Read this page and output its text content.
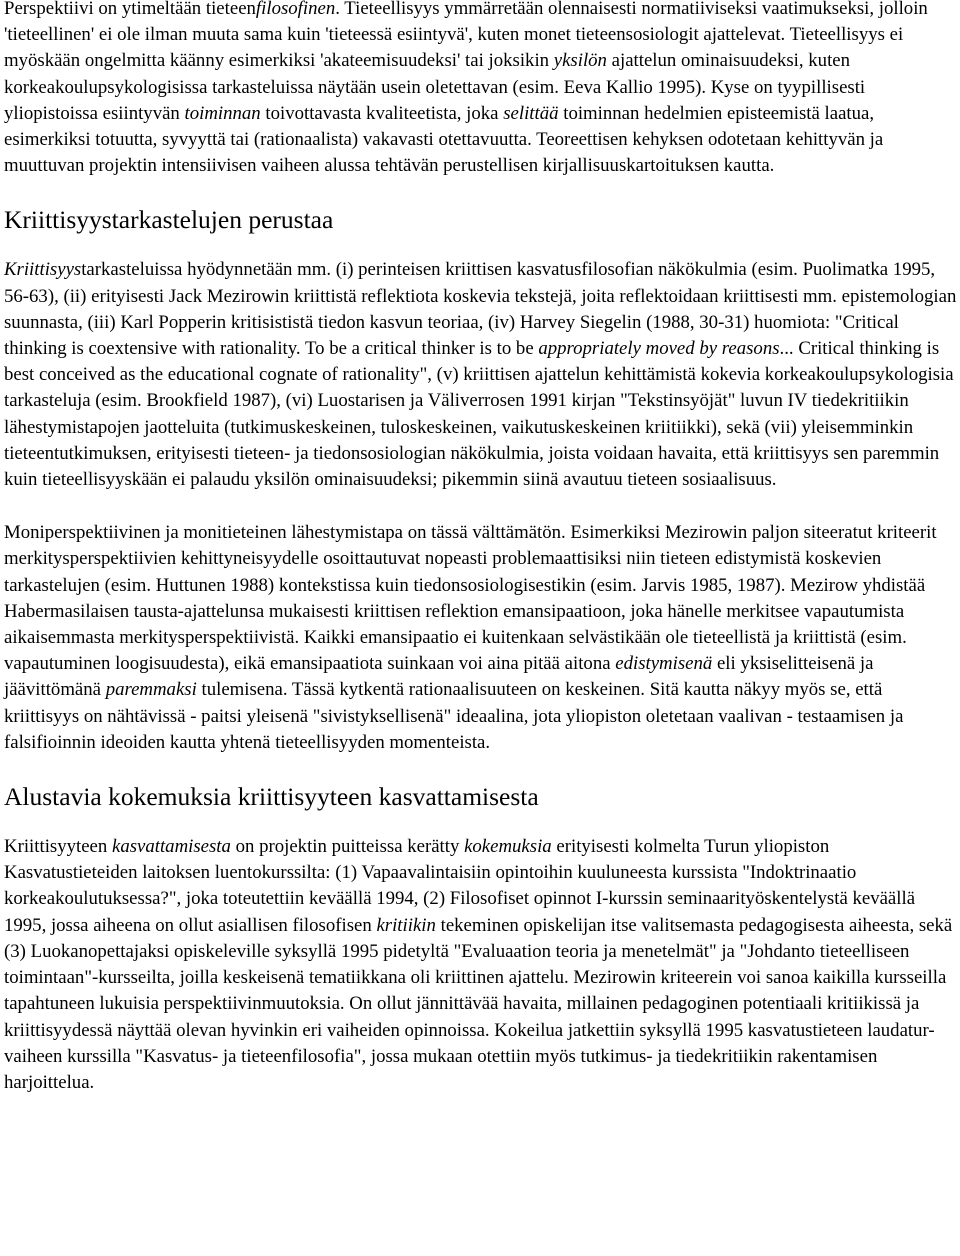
Perspektiivi on ytimeltään tieteenfilosofinen. Tieteellisyys ymmärretään olennaisesti normatiiviseksi vaatimukseksi, jolloin 'tieteellinen' ei ole ilman muuta sama kuin 'tieteessä esiintyvä', kuten monet tieteensosiologit ajattelevat. Tieteellisyys ei myöskään ongelmitta käänny esimerkiksi 'akateemisuudeksi' tai joksikin yksilön ajattelun ominaisuudeksi, kuten korkeakoulupsykologisissa tarkasteluissa näytään usein oletettavan (esim. Eeva Kallio 1995). Kyse on tyypillisesti yliopistoissa esiintyvän toiminnan toivottavasta kvaliteetista, joka selittää toiminnan hedelmien episteemistä laatua, esimerkiksi totuutta, syvyyttä tai (rationaalista) vakavasti otettavuutta. Teoreettisen kehyksen odotetaan kehittyvän ja muuttuvan projektin intensiivisen vaiheen alussa tehtävän perustellisen kirjallisuuskartoituksen kautta.

Kriittisyystarkastelujen perustaa

Kriittisyystarkasteluissa hyödynnetään mm. (i) perinteisen kriittisen kasvatusfilosofian näkökulmia (esim. Puolimatka 1995, 56-63), (ii) erityisesti Jack Mezirowin kriittistä reflektiota koskevia tekstejä, joita reflektoidaan kriittisesti mm. epistemologian suunnasta, (iii) Karl Popperin kritisististä tiedon kasvun teoriaa, (iv) Harvey Siegelin (1988, 30-31) huomiota: "Critical thinking is coextensive with rationality. To be a critical thinker is to be appropriately moved by reasons... Critical thinking is best conceived as the educational cognate of rationality", (v) kriittisen ajattelun kehittämistä kokevia korkeakoulupsykologisia tarkasteluja (esim. Brookfield 1987), (vi) Luostarisen ja Väliverrosen 1991 kirjan "Tekstinsyöjät" luvun IV tiedekritiikin lähestymistapojen jaotteluita (tutkimuskeskeinen, tuloskeskeinen, vaikutuskeskeinen kriitiikki), sekä (vii) yleisemminkin tieteentutkimuksen, erityisesti tieteen- ja tiedonsosiologian näkökulmia, joista voidaan havaita, että kriittisyys sen paremmin kuin tieteellisyyskään ei palaudu yksilön ominaisuudeksi; pikemmin siinä avautuu tieteen sosiaalisuus.

Moniperspektiivinen ja monitieteinen lähestymistapa on tässä välttämätön. Esimerkiksi Mezirowin paljon siteeratut kriteerit merkitysperspektiivien kehittyneisyydelle osoittautuvat nopeasti problemaattisiksi niin tieteen edistymistä koskevien tarkastelujen (esim. Huttunen 1988) kontekstissa kuin tiedonsosiologisestikin (esim. Jarvis 1985, 1987). Mezirow yhdistää Habermasilaisen tausta-ajattelunsa mukaisesti kriittisen reflektion emansipaatioon, joka hänelle merkitsee vapautumista aikaisemmasta merkitysperspektiivistä. Kaikki emansipaatio ei kuitenkaan selvästikään ole tieteellistä ja kriittistä (esim. vapautuminen loogisuudesta), eikä emansipaatiota suinkaan voi aina pitää aitona edistymisenä eli yksiselitteisenä ja jäävittömänä paremmaksi tulemisena. Tässä kytkentä rationaalisuuteen on keskeinen. Sitä kautta näkyy myös se, että kriittisyys on nähtävissä - paitsi yleisenä "sivistyksellisenä" ideaalina, jota yliopiston oletetaan vaalivan - testaamisen ja falsifioinnin ideoiden kautta yhtenä tieteellisyyden momenteista.

Alustavia kokemuksia kriittisyyteen kasvattamisesta

Kriittisyyteen kasvattamisesta on projektin puitteissa kerätty kokemuksia erityisesti kolmelta Turun yliopiston Kasvatustieteiden laitoksen luentokurssilta: (1) Vapaavalintaisiin opintoihin kuuluneesta kurssista "Indoktrinaatio korkeakoulutuksessa?", joka toteutettiin keväällä 1994, (2) Filosofiset opinnot I-kurssin seminaarityöskentelystä keväällä 1995, jossa aiheena on ollut asiallisen filosofisen kritiikin tekeminen opiskelijan itse valitsemasta pedagogisesta aiheesta, sekä (3) Luokanopettajaksi opiskeleville syksyllä 1995 pidetyltä "Evaluaation teoria ja menetelmät" ja "Johdanto tieteelliseen toimintaan"-kursseilta, joilla keskeisenä tematiikkana oli kriittinen ajattelu. Mezirowin kriteerein voi sanoa kaikilla kursseilla tapahtuneen lukuisia perspektiivinmuutoksia. On ollut jännittävää havaita, millainen pedagoginen potentiaali kritiikissä ja kriittisyydessä näyttää olevan hyvinkin eri vaiheiden opinnoissa. Kokeilua jatkettiin syksyllä 1995 kasvatustieteen laudatur-vaiheen kurssilla "Kasvatus- ja tieteenfilosofia", jossa mukaan otettiin myös tutkimus- ja tiedekritiikin rakentamisen harjoittelua.
